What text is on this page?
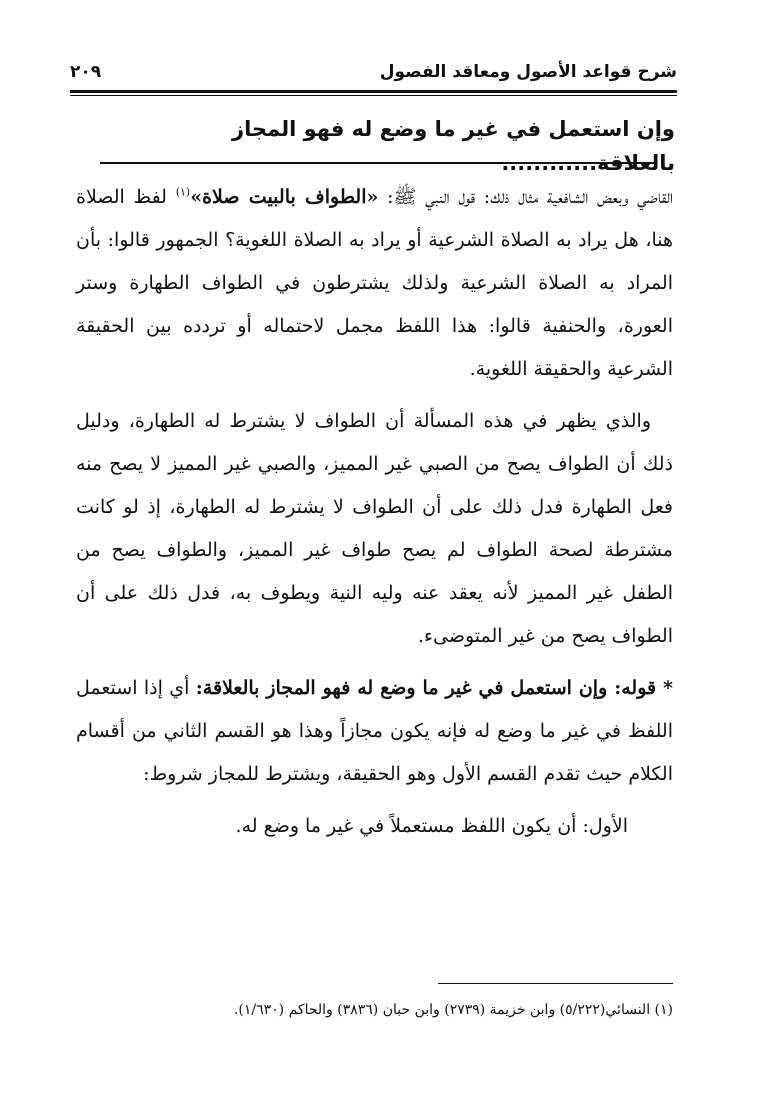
شرح قواعد الأصول ومعاقد الفصول
٢٠٩
وإن استعمل في غير ما وضع له فهو المجاز بالعلاقة............

القاضي وبعض الشافعية مثال ذلك: قول النبي ﷺ: «الطواف بالبيت صلاة»$^{(١)}$ لفظ الصلاة هنا، هل يراد به الصلاة الشرعية أو يراد به الصلاة اللغوية؟ الجمهور قالوا: بأن المراد به الصلاة الشرعية ولذلك يشترطون في الطواف الطهارة وستر العورة، والحنفية قالوا: هذا اللفظ مجمل لاحتماله أو تردده بين الحقيقة الشرعية والحقيقة اللغوية.

والذي يظهر في هذه المسألة أن الطواف لا يشترط له الطهارة، ودليل ذلك أن الطواف يصح من الصبي غير المميز، والصبي غير المميز لا يصح منه فعل الطهارة فدل ذلك على أن الطواف لا يشترط له الطهارة، إذ لو كانت مشترطة لصحة الطواف لم يصح طواف غير المميز، والطواف يصح من الطفل غير المميز لأنه يعقد عنه وليه النية ويطوف به، فدل ذلك على أن الطواف يصح من غير المتوضىء.

* قوله: وإن استعمل في غير ما وضع له فهو المجاز بالعلاقة: أي إذا استعمل اللفظ في غير ما وضع له فإنه يكون مجازاً وهذا هو القسم الثاني من أقسام الكلام حيث تقدم القسم الأول وهو الحقيقة، ويشترط للمجاز شروط:

الأول: أن يكون اللفظ مستعملاً في غير ما وضع له.

(١) النسائي(٥/٢٢٢) وابن خزيمة (٢٧٣٩) وابن حبان (٣٨٣٦) والحاكم (١/٦٣٠).
